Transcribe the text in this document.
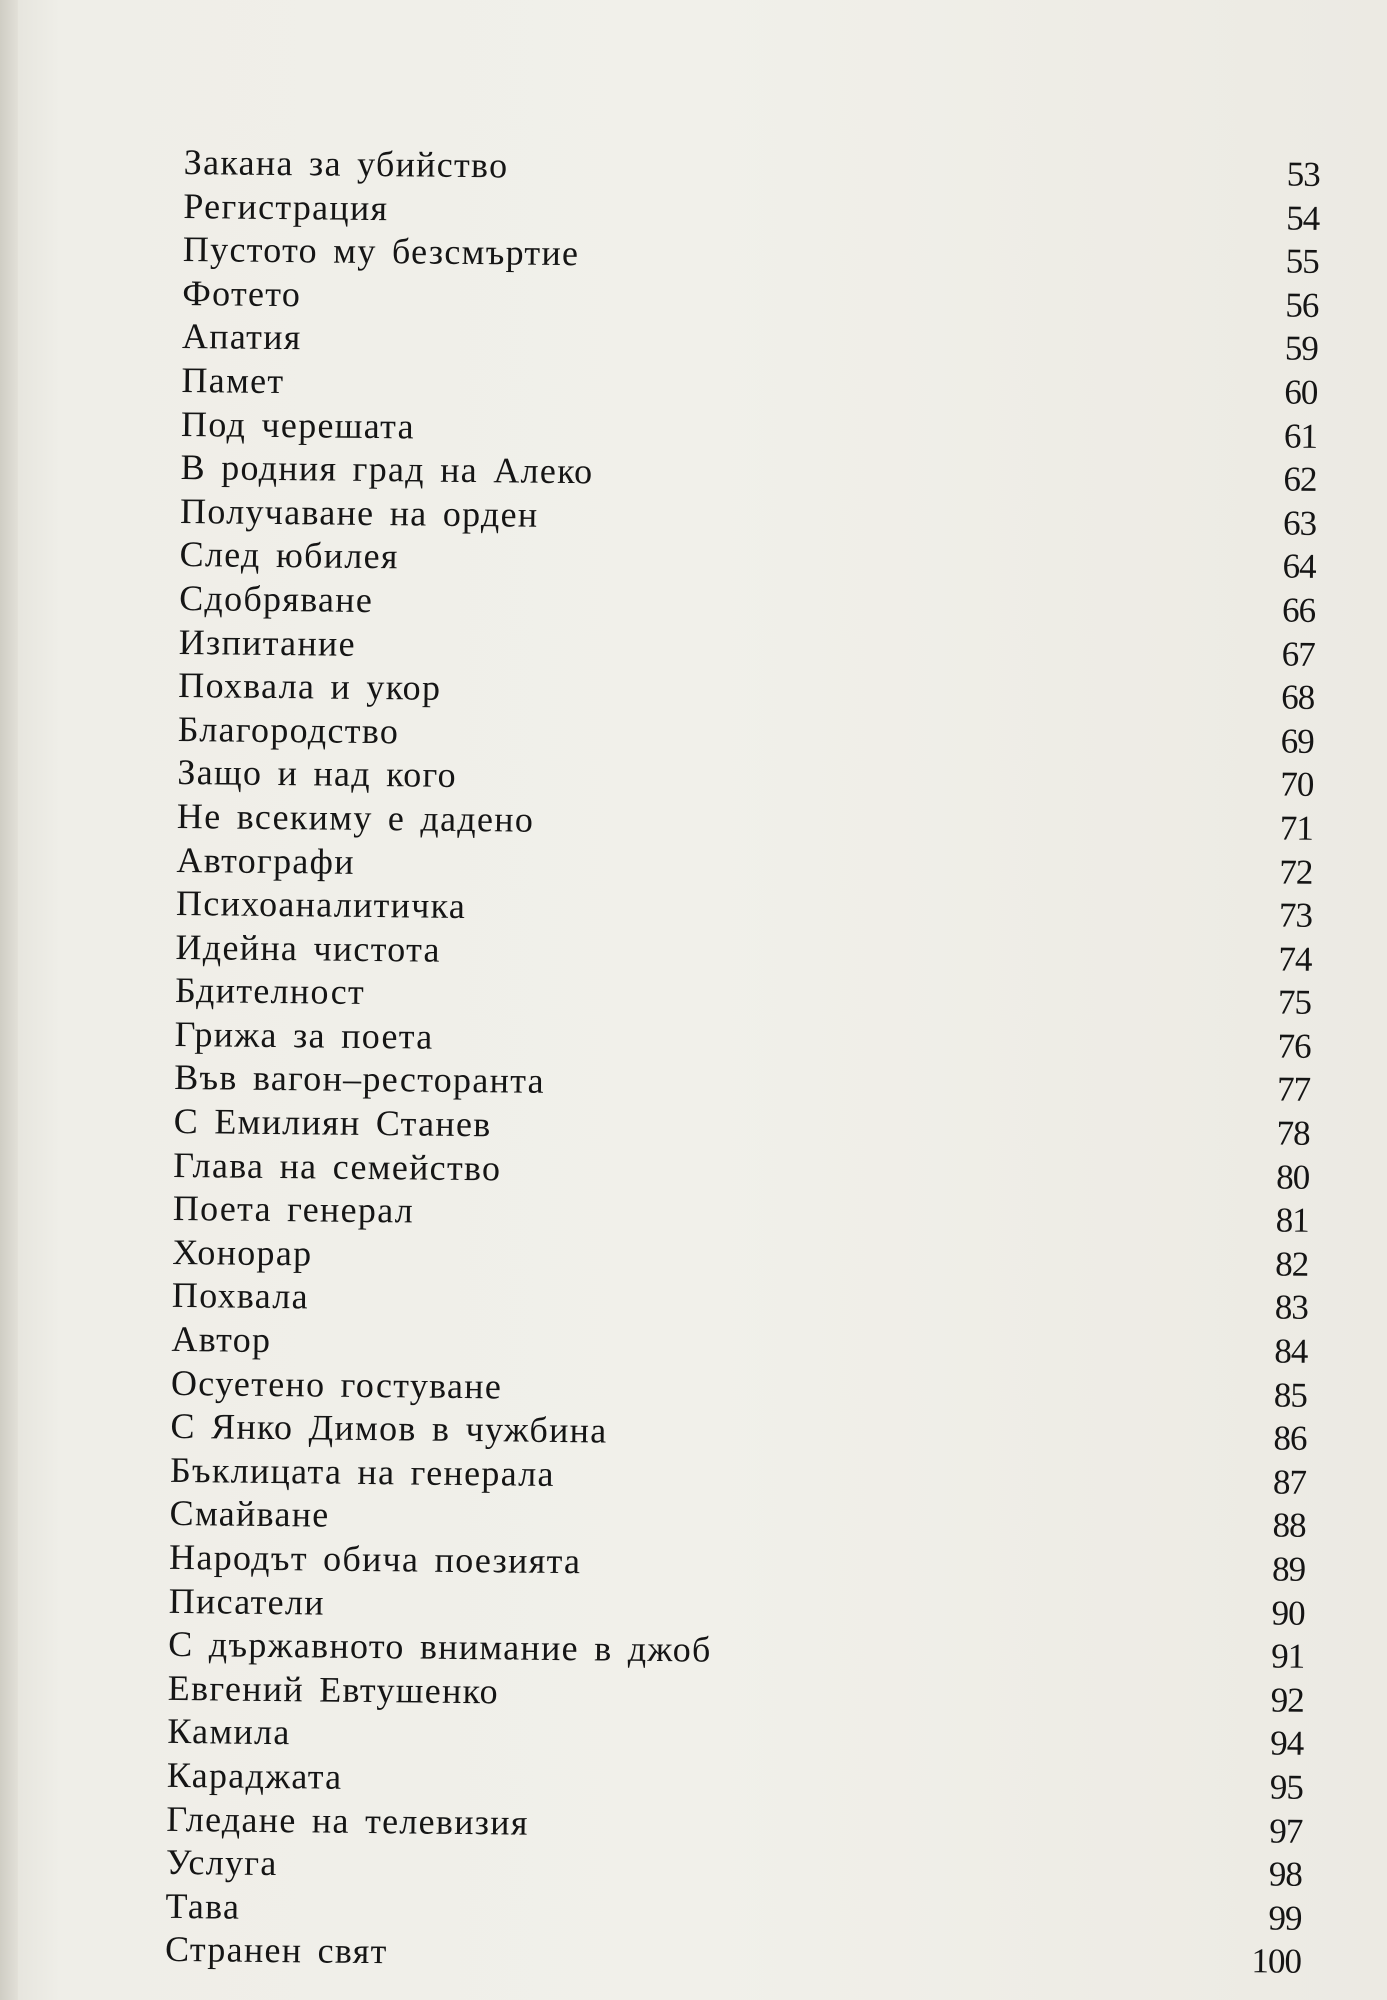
Закана за убийство	53
Регистрация	54
Пустото му безсмъртие	55
Фотето	56
Апатия	59
Памет	60
Под черешата	61
В родния град на Алеко	62
Получаване на орден	63
След юбилея	64
Сдобряване	66
Изпитание	67
Похвала и укор	68
Благородство	69
Защо и над кого	70
Не всекиму е дадено	71
Автографи	72
Психоаналитичка	73
Идейна чистота	74
Бдителност	75
Грижа за поета	76
Във вагон–ресторанта	77
С Емилиян Станев	78
Глава на семейство	80
Поета генерал	81
Хонорар	82
Похвала	83
Автор	84
Осуетено гостуване	85
С Янко Димов в чужбина	86
Бъклицата на генерала	87
Смайване	88
Народът обича поезията	89
Писатели	90
С държавното внимание в джоб	91
Евгений Евтушенко	92
Камила	94
Караджата	95
Гледане на телевизия	97
Услуга	98
Тава	99
Странен свят	100
